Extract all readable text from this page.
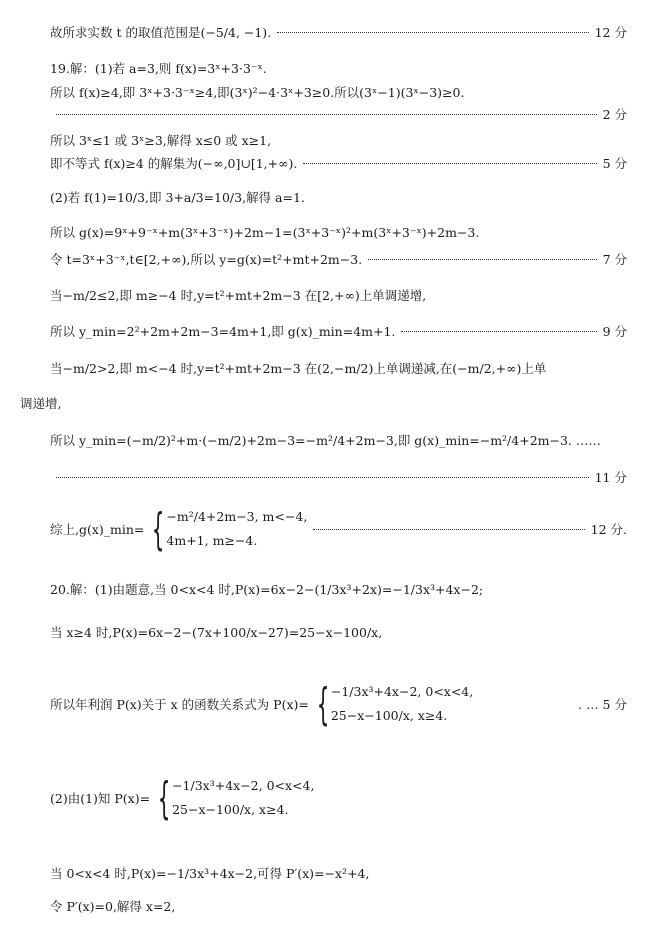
故所求实数 t 的取值范围是(−5/4, −1).	12 分
19.解：(1)若 a=3,则 f(x)=3ˣ+3·3⁻ˣ.
所以 f(x)≥4,即 3ˣ+3·3⁻ˣ≥4,即(3ˣ)²−4·3ˣ+3≥0.所以(3ˣ−1)(3ˣ−3)≥0.
2 分
所以 3ˣ≤1 或 3ˣ≥3,解得 x≤0 或 x≥1,
即不等式 f(x)≥4 的解集为(−∞,0]∪[1,+∞).	5 分
(2)若 f(1)=10/3,即 3+a/3=10/3,解得 a=1.
所以 g(x)=9ˣ+9⁻ˣ+m(3ˣ+3⁻ˣ)+2m−1=(3ˣ+3⁻ˣ)²+m(3ˣ+3⁻ˣ)+2m−3.
令 t=3ˣ+3⁻ˣ,t∈[2,+∞),所以 y=g(x)=t²+mt+2m−3.	7 分
当−m/2≤2,即 m≥−4 时,y=t²+mt+2m−3 在[2,+∞)上单调递增,
所以 y_min=2²+2m+2m−3=4m+1,即 g(x)_min=4m+1.	9 分
当−m/2>2,即 m<−4 时,y=t²+mt+2m−3 在(2,−m/2)上单调递减,在(−m/2,+∞)上单
调递增,
所以 y_min=(−m/2)²+m·(−m/2)+2m−3=−m²/4+2m−3,即 g(x)_min=−m²/4+2m−3. ……
11 分
综上,g(x)_min= { −m²/4+2m−3, m<−4,
4m+1, m≥−4.
12 分.
20.解：(1)由题意,当 0<x<4 时,P(x)=6x−2−(1/3x³+2x)=−1/3x³+4x−2;
当 x≥4 时,P(x)=6x−2−(7x+100/x−27)=25−x−100/x,
所以年利润 P(x)关于 x 的函数关系式为 P(x)= { −1/3x³+4x−2, 0<x<4,
25−x−100/x, x≥4.
. … 5 分
(2)由(1)知 P(x)= { −1/3x³+4x−2, 0<x<4,
25−x−100/x, x≥4.
当 0<x<4 时,P(x)=−1/3x³+4x−2,可得 P′(x)=−x²+4,
令 P′(x)=0,解得 x=2,
